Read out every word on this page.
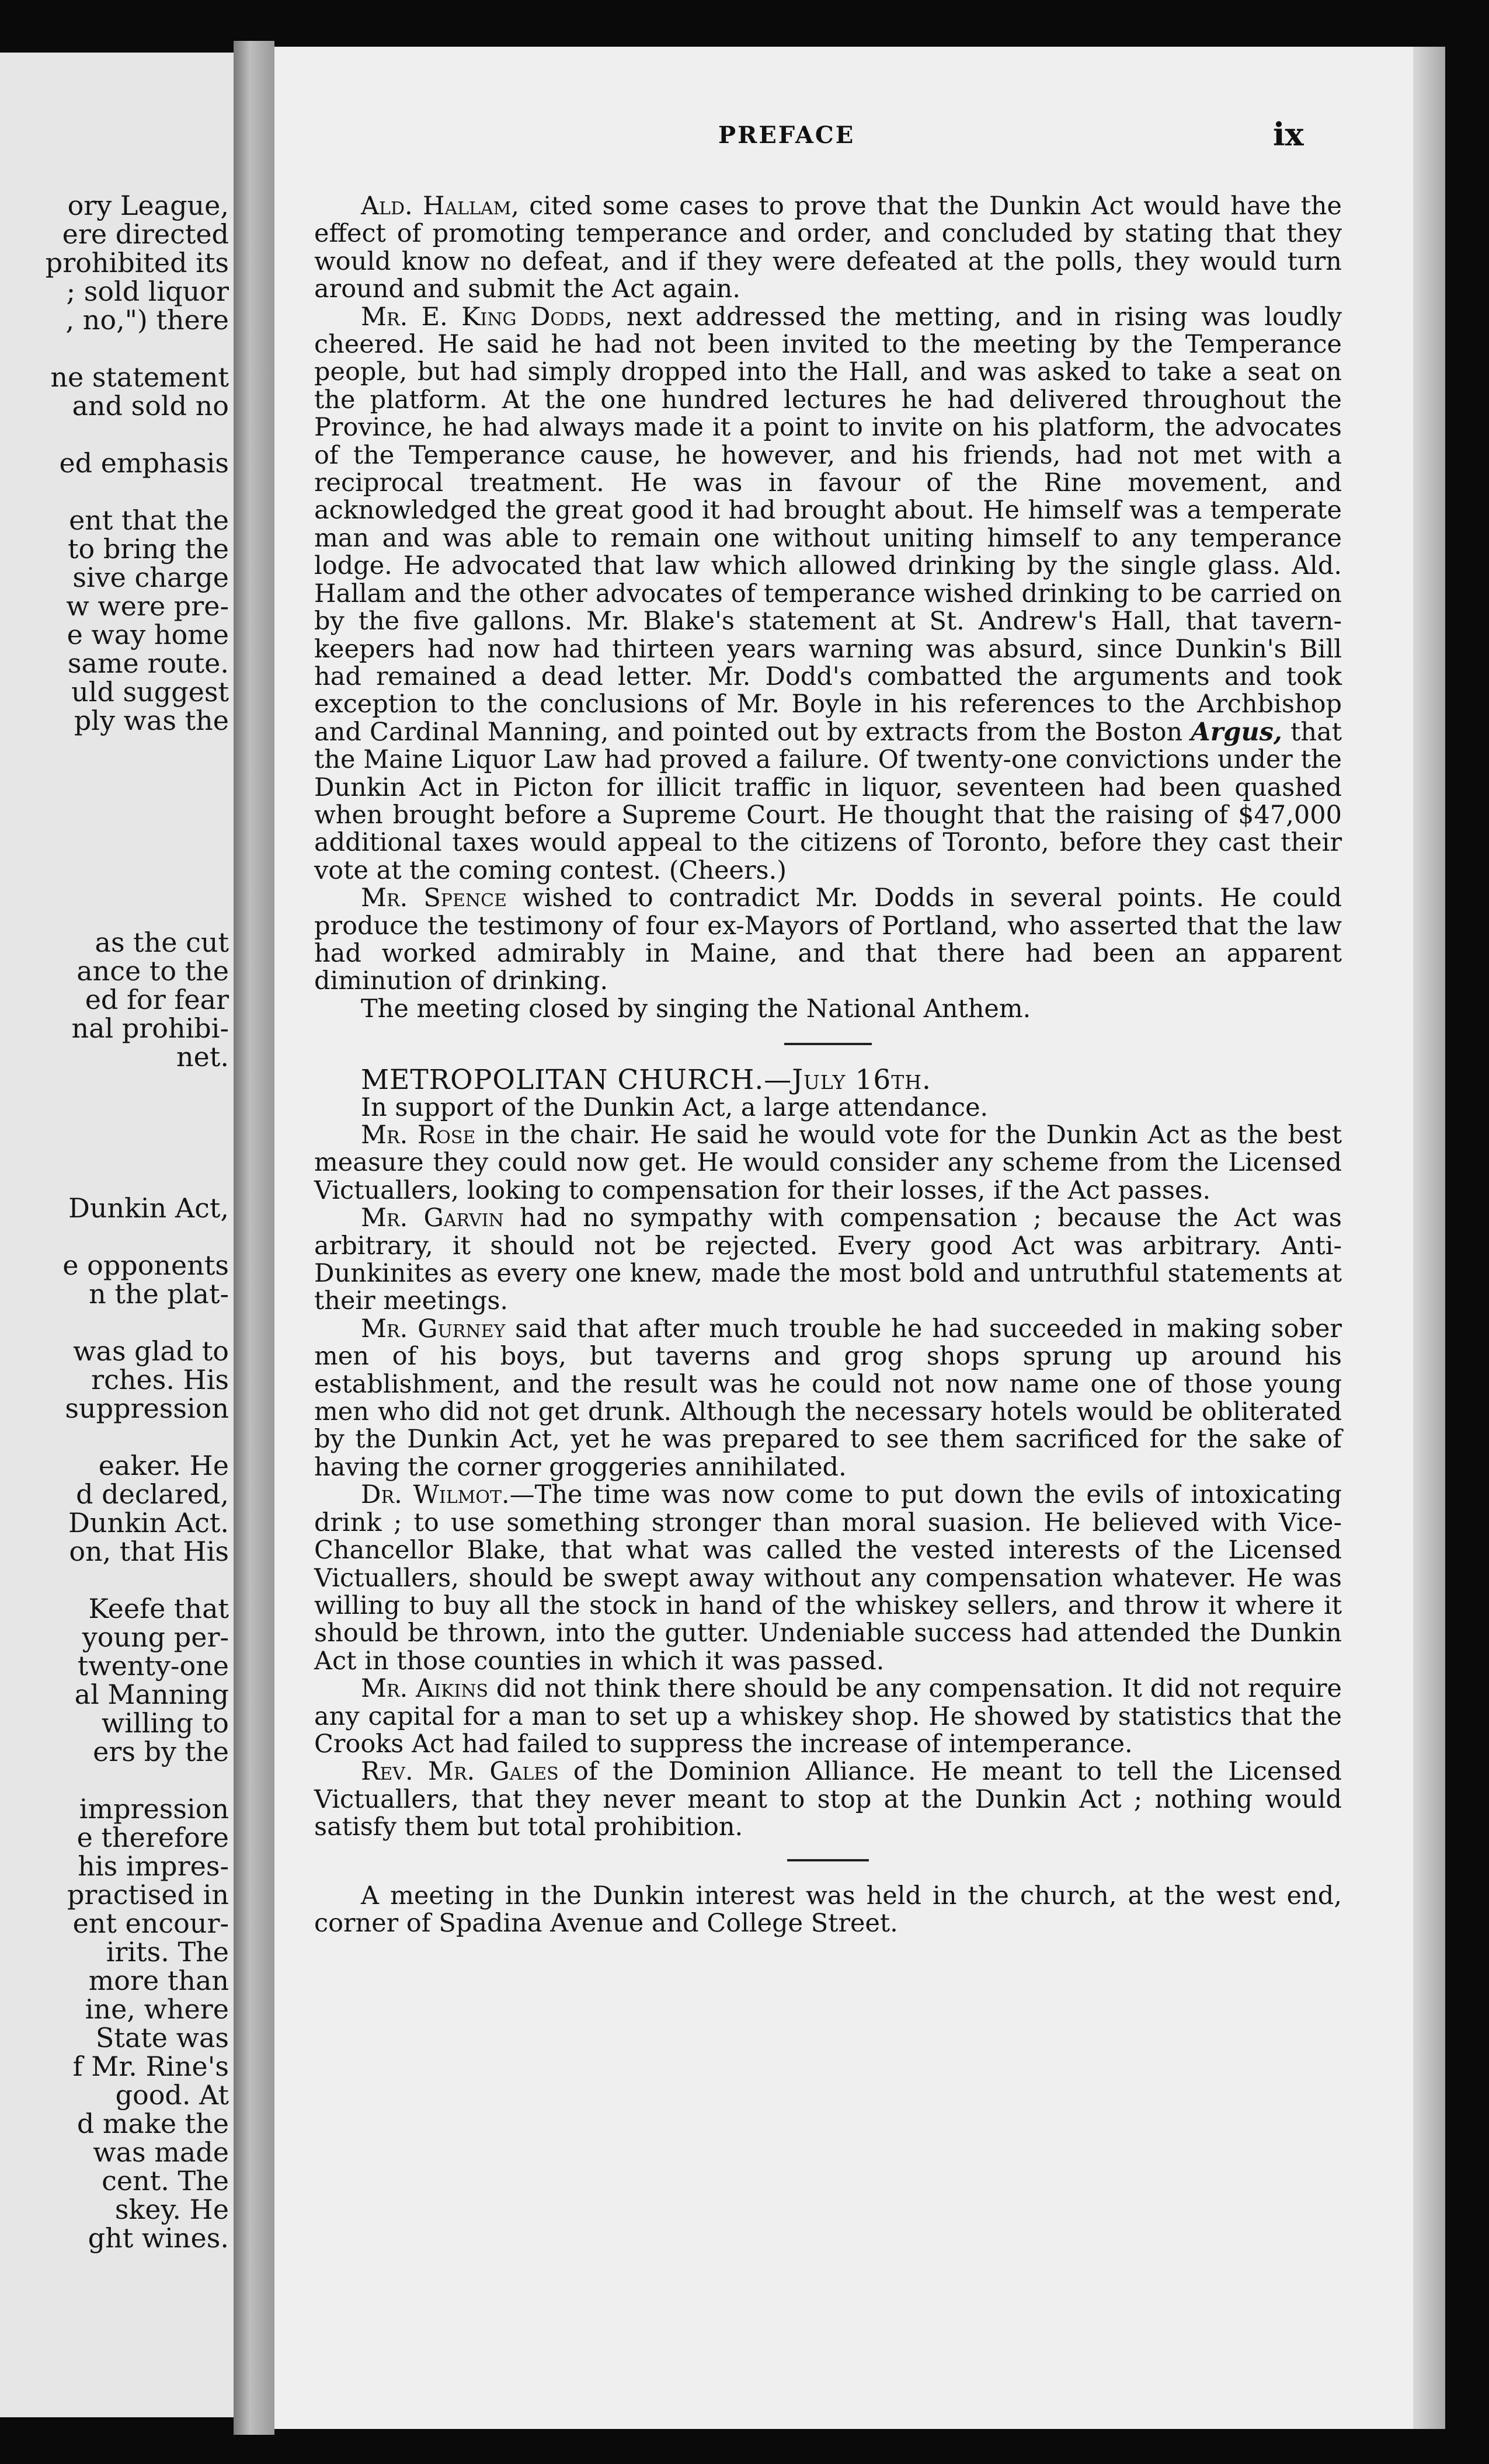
ory League,

ere directed

prohibited its

; sold liquor

, no,") there

ne statement

and sold no

ed emphasis

ent that the

to bring the

sive charge

w were pre-

e way home

same route.

uld suggest

ply was the

as the cut

ance to the

ed for fear

nal prohibi-

net.

Dunkin Act,

e opponents

n the plat-

was glad to

rches. His

suppression

eaker. He

d declared,

Dunkin Act.

on, that His

Keefe that

young per-

twenty-one

al Manning

willing to

ers by the

impression

e therefore

his impres-

practised in

ent encour-

irits. The

more than

ine, where

State was

f Mr. Rine's

good. At

d make the

was made

cent. The

skey. He

ght wines.

PREFACE	ix

Ald. Hallam, cited some cases to prove that the Dunkin Act would have the effect of promoting temperance and order, and concluded by stating that they would know no defeat, and if they were defeated at the polls, they would turn around and submit the Act again.

Mr. E. King Dodds, next addressed the metting, and in rising was loudly cheered. He said he had not been invited to the meeting by the Temperance people, but had simply dropped into the Hall, and was asked to take a seat on the platform. At the one hundred lectures he had delivered throughout the Province, he had always made it a point to invite on his platform, the advocates of the Temperance cause, he however, and his friends, had not met with a reciprocal treatment. He was in favour of the Rine movement, and acknowledged the great good it had brought about. He himself was a temperate man and was able to remain one without uniting himself to any temperance lodge. He advocated that law which allowed drinking by the single glass. Ald. Hallam and the other advocates of temperance wished drinking to be carried on by the five gallons. Mr. Blake's statement at St. Andrew's Hall, that tavern-keepers had now had thirteen years warning was absurd, since Dunkin's Bill had remained a dead letter. Mr. Dodd's combatted the arguments and took exception to the conclusions of Mr. Boyle in his references to the Archbishop and Cardinal Manning, and pointed out by extracts from the Boston Argus, that the Maine Liquor Law had proved a failure. Of twenty-one convictions under the Dunkin Act in Picton for illicit traffic in liquor, seventeen had been quashed when brought before a Supreme Court. He thought that the raising of $47,000 additional taxes would appeal to the citizens of Toronto, before they cast their vote at the coming contest. (Cheers.)

Mr. Spence wished to contradict Mr. Dodds in several points. He could produce the testimony of four ex-Mayors of Portland, who asserted that the law had worked admirably in Maine, and that there had been an apparent diminution of drinking.

The meeting closed by singing the National Anthem.

METROPOLITAN CHURCH.—July 16th.

In support of the Dunkin Act, a large attendance.

Mr. Rose in the chair. He said he would vote for the Dunkin Act as the best measure they could now get. He would consider any scheme from the Licensed Victuallers, looking to compensation for their losses, if the Act passes.

Mr. Garvin had no sympathy with compensation ; because the Act was arbitrary, it should not be rejected. Every good Act was arbitrary. Anti-Dunkinites as every one knew, made the most bold and untruthful statements at their meetings.

Mr. Gurney said that after much trouble he had succeeded in making sober men of his boys, but taverns and grog shops sprung up around his establishment, and the result was he could not now name one of those young men who did not get drunk. Although the necessary hotels would be obliterated by the Dunkin Act, yet he was prepared to see them sacrificed for the sake of having the corner groggeries annihilated.

Dr. Wilmot.—The time was now come to put down the evils of intoxicating drink ; to use something stronger than moral suasion. He believed with Vice-Chancellor Blake, that what was called the vested interests of the Licensed Victuallers, should be swept away without any compensation whatever. He was willing to buy all the stock in hand of the whiskey sellers, and throw it where it should be thrown, into the gutter. Undeniable success had attended the Dunkin Act in those counties in which it was passed.

Mr. Aikins did not think there should be any compensation. It did not require any capital for a man to set up a whiskey shop. He showed by statistics that the Crooks Act had failed to suppress the increase of intemperance.

Rev. Mr. Gales of the Dominion Alliance. He meant to tell the Licensed Victuallers, that they never meant to stop at the Dunkin Act ; nothing would satisfy them but total prohibition.

A meeting in the Dunkin interest was held in the church, at the west end, corner of Spadina Avenue and College Street.
